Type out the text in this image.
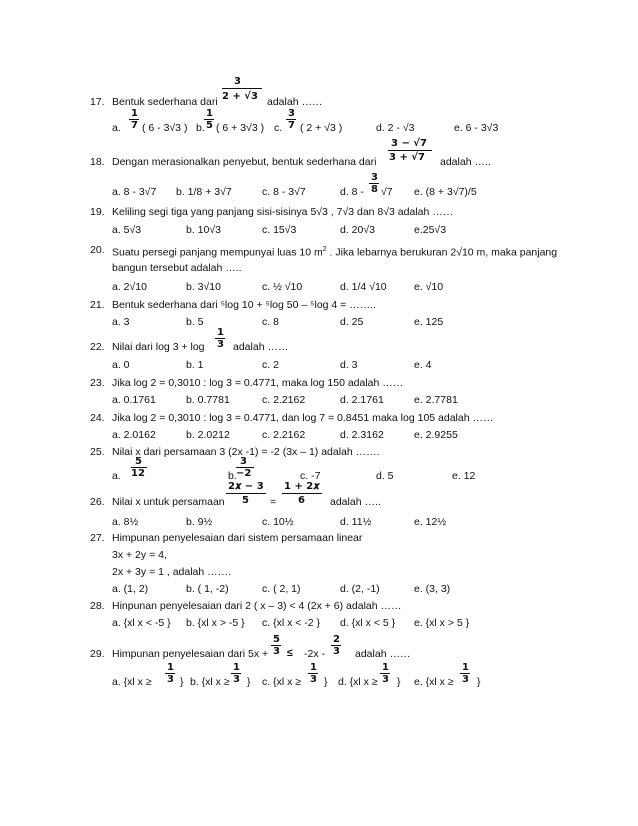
17. Bentuk sederhana dari
3
2 + √3 adalah ……
a.
1
7 ( 6 - 3√3 ) b.
1
5 ( 6 + 3√3 ) c.
3
7 ( 2 + √3 )	d. 2 - √3	e. 6 - 3√3
18. Dengan merasionalkan penyebut, bentuk sederhana dari
3 − √7
3 + √7 adalah …..
a. 8 - 3√7 b. 1/8 + 3√7	c. 8 - 3√7	d. 8 -
3
8 √7 e. (8 + 3√7)/5
19. Keliling segi tiga yang panjang sisi-sisinya 5√3 , 7√3 dan 8√3 adalah ……
a. 5√3	b. 10√3	c. 15√3	d. 20√3	e.25√3
20. Suatu persegi panjang mempunyai luas 10 $m^2$ . Jika lebarnya berukuran 2√10 m, maka panjang
bangun tersebut adalah …..
a. 2√10	b. 3√10	c. ½ √10	d. 1/4 √10	e. √10
21. Bentuk sederhana dari ⁵log 10 + ⁵log 50 – ⁵log 4 = ……..
a. 3	b. 5	c. 8	d. 25	e. 125
22. Nilai dari log 3 + log
1
3 adalah ……
a. 0	b. 1	c. 2	d. 3	e. 4
23. Jika log 2 = 0,3010 : log 3 = 0.4771, maka log 150 adalah ……
a. 0.1761	b. 0.7781	c. 2.2162	d. 2.1761	e. 2.7781
24. Jika log 2 = 0,3010 : log 3 = 0.4771, dan log 7 = 0.8451 maka log 105 adalah ……
a. 2.0162	b. 2.0212	c. 2.2162	d. 2.3162	e. 2.9255
25. Nilai x dari persamaan 3 (2x -1) = -2 (3x – 1) adalah …….
a.
5
12	b.
3
−2	c. -7	d. 5	e. 12
26. Nilai x untuk persamaan
2𝒙 − 3
5 =
1 + 2𝒙
6 adalah …..
a. 8½	b. 9½	c. 10½	d. 11½	e. 12½
27. Himpunan penyelesaian dari sistem persamaan linear
3x + 2y = 4,
2x + 3y = 1 , adalah …….
a. (1, 2)	b. ( 1, -2)	c. ( 2, 1)	d. (2, -1)	e. (3, 3)
28. Hinpunan penyelesaian dari 2 ( x – 3) < 4 (2x + 6) adalah ……
a. {xl x < -5 } b. {xl x > -5 } c. {xl x < -2 } d. {xl x < 5 } e. {xl x > 5 }
29. Himpunan penyelesaian dari 5x +
5
3 ≤ -2x -
2
3 adalah ……
a. {xl x ≥
1
3 } b. {xl x ≥
1
3 } c. {xl x ≥
1
3 } d. {xl x ≥
1
3 } e. {xl x ≥
1
3 }
